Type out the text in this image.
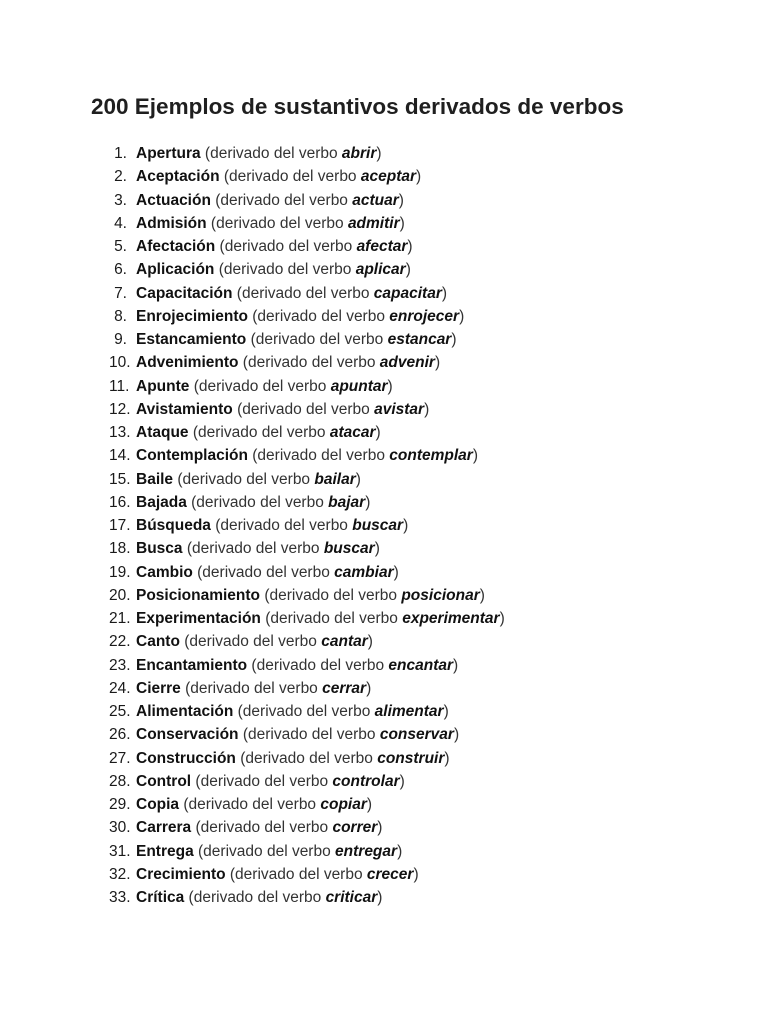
200 Ejemplos de sustantivos derivados de verbos
1. Apertura (derivado del verbo abrir)
2. Aceptación (derivado del verbo aceptar)
3. Actuación (derivado del verbo actuar)
4. Admisión (derivado del verbo admitir)
5. Afectación (derivado del verbo afectar)
6. Aplicación (derivado del verbo aplicar)
7. Capacitación (derivado del verbo capacitar)
8. Enrojecimiento (derivado del verbo enrojecer)
9. Estancamiento (derivado del verbo estancar)
10. Advenimiento (derivado del verbo advenir)
11. Apunte (derivado del verbo apuntar)
12. Avistamiento (derivado del verbo avistar)
13. Ataque (derivado del verbo atacar)
14. Contemplación (derivado del verbo contemplar)
15. Baile (derivado del verbo bailar)
16. Bajada (derivado del verbo bajar)
17. Búsqueda (derivado del verbo buscar)
18. Busca (derivado del verbo buscar)
19. Cambio (derivado del verbo cambiar)
20. Posicionamiento (derivado del verbo posicionar)
21. Experimentación (derivado del verbo experimentar)
22. Canto (derivado del verbo cantar)
23. Encantamiento (derivado del verbo encantar)
24. Cierre (derivado del verbo cerrar)
25. Alimentación (derivado del verbo alimentar)
26. Conservación (derivado del verbo conservar)
27. Construcción (derivado del verbo construir)
28. Control (derivado del verbo controlar)
29. Copia (derivado del verbo copiar)
30. Carrera (derivado del verbo correr)
31. Entrega (derivado del verbo entregar)
32. Crecimiento (derivado del verbo crecer)
33. Crítica (derivado del verbo criticar)
